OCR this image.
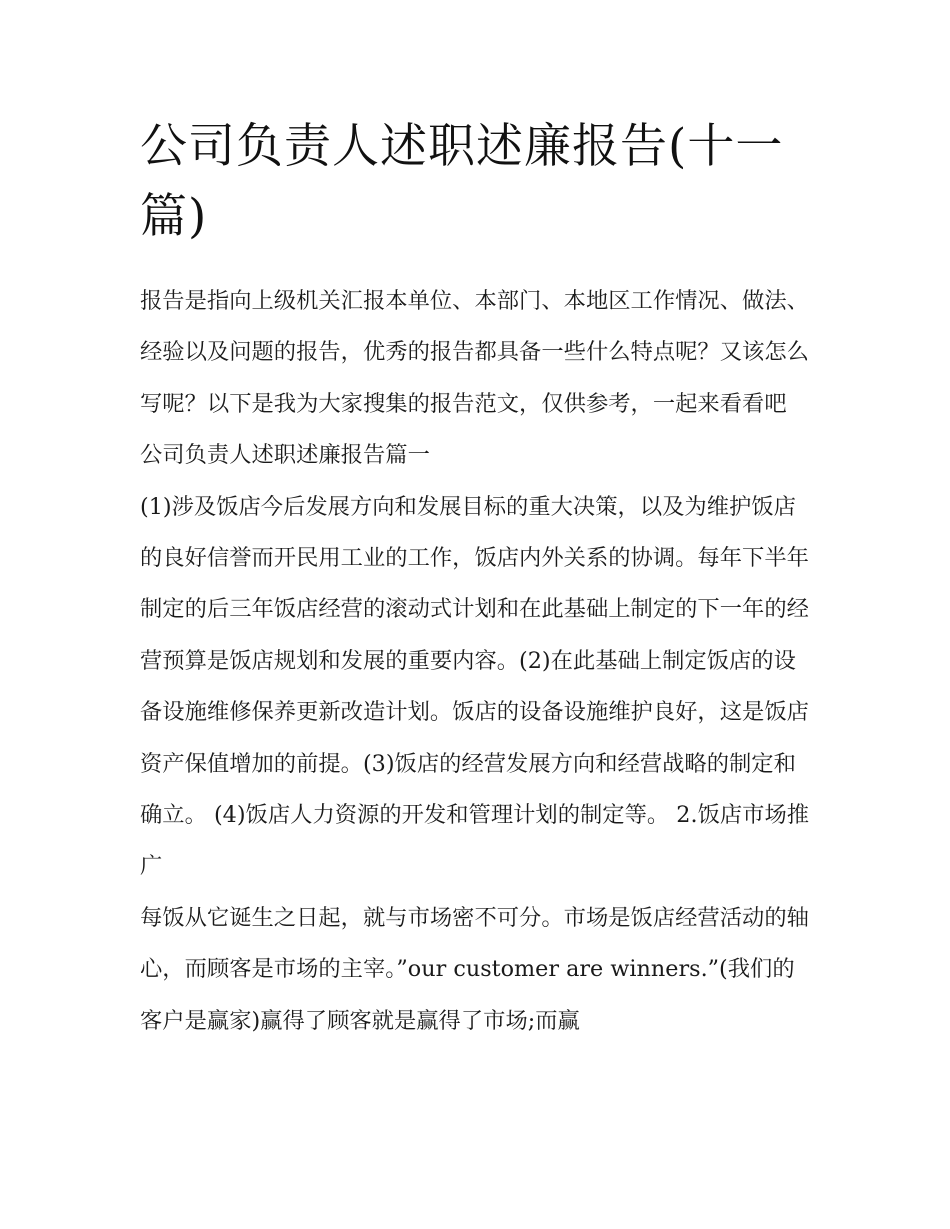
公司负责人述职述廉报告(十一篇)

报告是指向上级机关汇报本单位、本部门、本地区工作情况、做法、经验以及问题的报告，优秀的报告都具备一些什么特点呢？又该怎么写呢？以下是我为大家搜集的报告范文，仅供参考，一起来看看吧

公司负责人述职述廉报告篇一

(1)涉及饭店今后发展方向和发展目标的重大决策，以及为维护饭店的良好信誉而开民用工业的工作，饭店内外关系的协调。每年下半年制定的后三年饭店经营的滚动式计划和在此基础上制定的下一年的经营预算是饭店规划和发展的重要内容。(2)在此基础上制定饭店的设备设施维修保养更新改造计划。饭店的设备设施维护良好，这是饭店资产保值增加的前提。(3)饭店的经营发展方向和经营战略的制定和确立。 (4)饭店人力资源的开发和管理计划的制定等。 2.饭店市场推广

每饭从它诞生之日起，就与市场密不可分。市场是饭店经营活动的轴心，而顾客是市场的主宰。”our customer are winners.”(我们的客户是赢家)赢得了顾客就是赢得了市场;而赢
